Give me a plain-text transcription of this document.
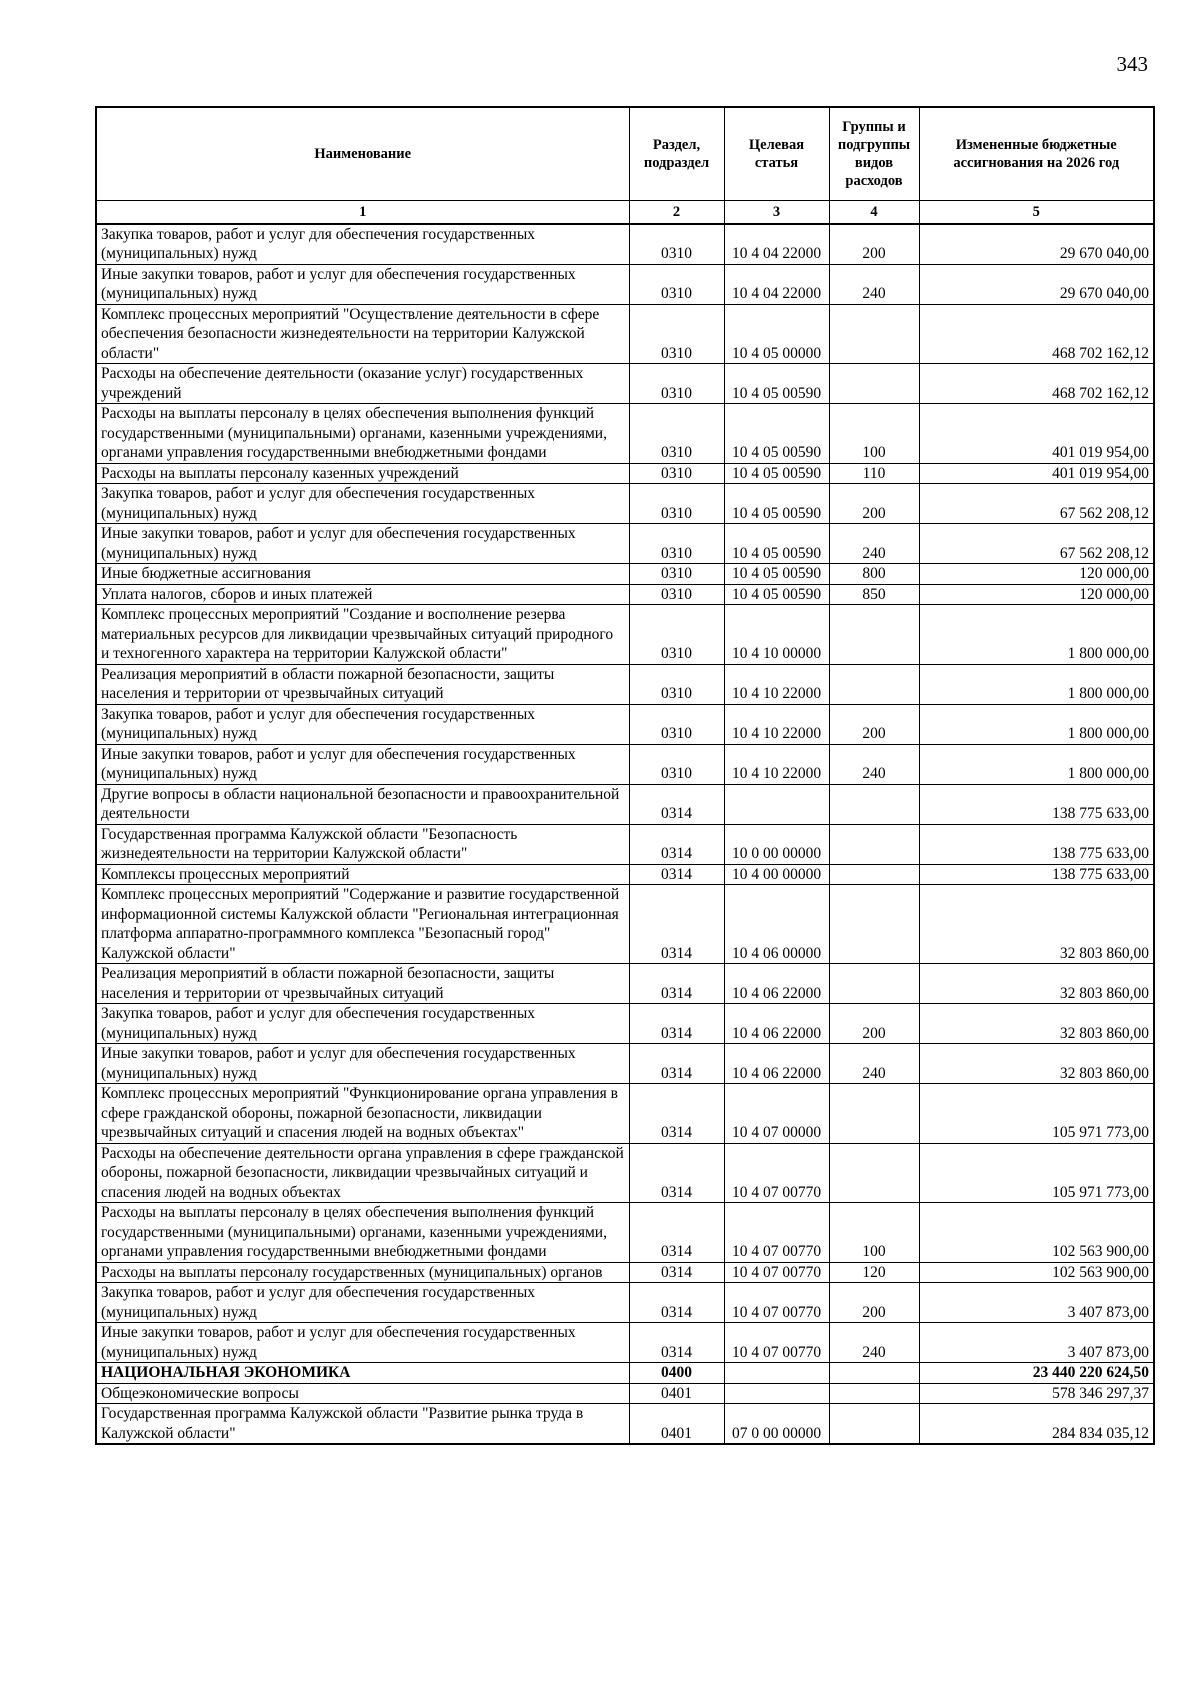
343
Наименование	Раздел, подраздел	Целевая статья	Группы и подгруппы видов расходов	Измененные бюджетные ассигнования на 2026 год
1	2	3	4	5
Закупка товаров, работ и услуг для обеспечения государственных (муниципальных) нужд	0310	10 4 04 22000	200	29 670 040,00
Иные закупки товаров, работ и услуг для обеспечения государственных (муниципальных) нужд	0310	10 4 04 22000	240	29 670 040,00
Комплекс процессных мероприятий "Осуществление деятельности в сфере обеспечения безопасности жизнедеятельности на территории Калужской области"	0310	10 4 05 00000		468 702 162,12
Расходы на обеспечение деятельности (оказание услуг) государственных учреждений	0310	10 4 05 00590		468 702 162,12
Расходы на выплаты персоналу в целях обеспечения выполнения функций государственными (муниципальными) органами, казенными учреждениями, органами управления государственными внебюджетными фондами	0310	10 4 05 00590	100	401 019 954,00
Расходы на выплаты персоналу казенных учреждений	0310	10 4 05 00590	110	401 019 954,00
Закупка товаров, работ и услуг для обеспечения государственных (муниципальных) нужд	0310	10 4 05 00590	200	67 562 208,12
Иные закупки товаров, работ и услуг для обеспечения государственных (муниципальных) нужд	0310	10 4 05 00590	240	67 562 208,12
Иные бюджетные ассигнования	0310	10 4 05 00590	800	120 000,00
Уплата налогов, сборов и иных платежей	0310	10 4 05 00590	850	120 000,00
Комплекс процессных мероприятий "Создание и восполнение резерва материальных ресурсов для ликвидации чрезвычайных ситуаций природного и техногенного характера на территории Калужской области"	0310	10 4 10 00000		1 800 000,00
Реализация мероприятий в области пожарной безопасности, защиты населения и территории от чрезвычайных ситуаций	0310	10 4 10 22000		1 800 000,00
Закупка товаров, работ и услуг для обеспечения государственных (муниципальных) нужд	0310	10 4 10 22000	200	1 800 000,00
Иные закупки товаров, работ и услуг для обеспечения государственных (муниципальных) нужд	0310	10 4 10 22000	240	1 800 000,00
Другие вопросы в области национальной безопасности и правоохранительной деятельности	0314			138 775 633,00
Государственная программа Калужской области "Безопасность жизнедеятельности на территории Калужской области"	0314	10 0 00 00000		138 775 633,00
Комплексы процессных мероприятий	0314	10 4 00 00000		138 775 633,00
Комплекс процессных мероприятий "Содержание и развитие государственной информационной системы Калужской области "Региональная интеграционная платформа аппаратно-программного комплекса "Безопасный город" Калужской области"	0314	10 4 06 00000		32 803 860,00
Реализация мероприятий в области пожарной безопасности, защиты населения и территории от чрезвычайных ситуаций	0314	10 4 06 22000		32 803 860,00
Закупка товаров, работ и услуг для обеспечения государственных (муниципальных) нужд	0314	10 4 06 22000	200	32 803 860,00
Иные закупки товаров, работ и услуг для обеспечения государственных (муниципальных) нужд	0314	10 4 06 22000	240	32 803 860,00
Комплекс процессных мероприятий "Функционирование органа управления в сфере гражданской обороны, пожарной безопасности, ликвидации чрезвычайных ситуаций и спасения людей на водных объектах"	0314	10 4 07 00000		105 971 773,00
Расходы на обеспечение деятельности органа управления в сфере гражданской обороны, пожарной безопасности, ликвидации чрезвычайных ситуаций и спасения людей на водных объектах	0314	10 4 07 00770		105 971 773,00
Расходы на выплаты персоналу в целях обеспечения выполнения функций государственными (муниципальными) органами, казенными учреждениями, органами управления государственными внебюджетными фондами	0314	10 4 07 00770	100	102 563 900,00
Расходы на выплаты персоналу государственных (муниципальных) органов	0314	10 4 07 00770	120	102 563 900,00
Закупка товаров, работ и услуг для обеспечения государственных (муниципальных) нужд	0314	10 4 07 00770	200	3 407 873,00
Иные закупки товаров, работ и услуг для обеспечения государственных (муниципальных) нужд	0314	10 4 07 00770	240	3 407 873,00
НАЦИОНАЛЬНАЯ ЭКОНОМИКА	0400			23 440 220 624,50
Общеэкономические вопросы	0401			578 346 297,37
Государственная программа Калужской области "Развитие рынка труда в Калужской области"	0401	07 0 00 00000		284 834 035,12
